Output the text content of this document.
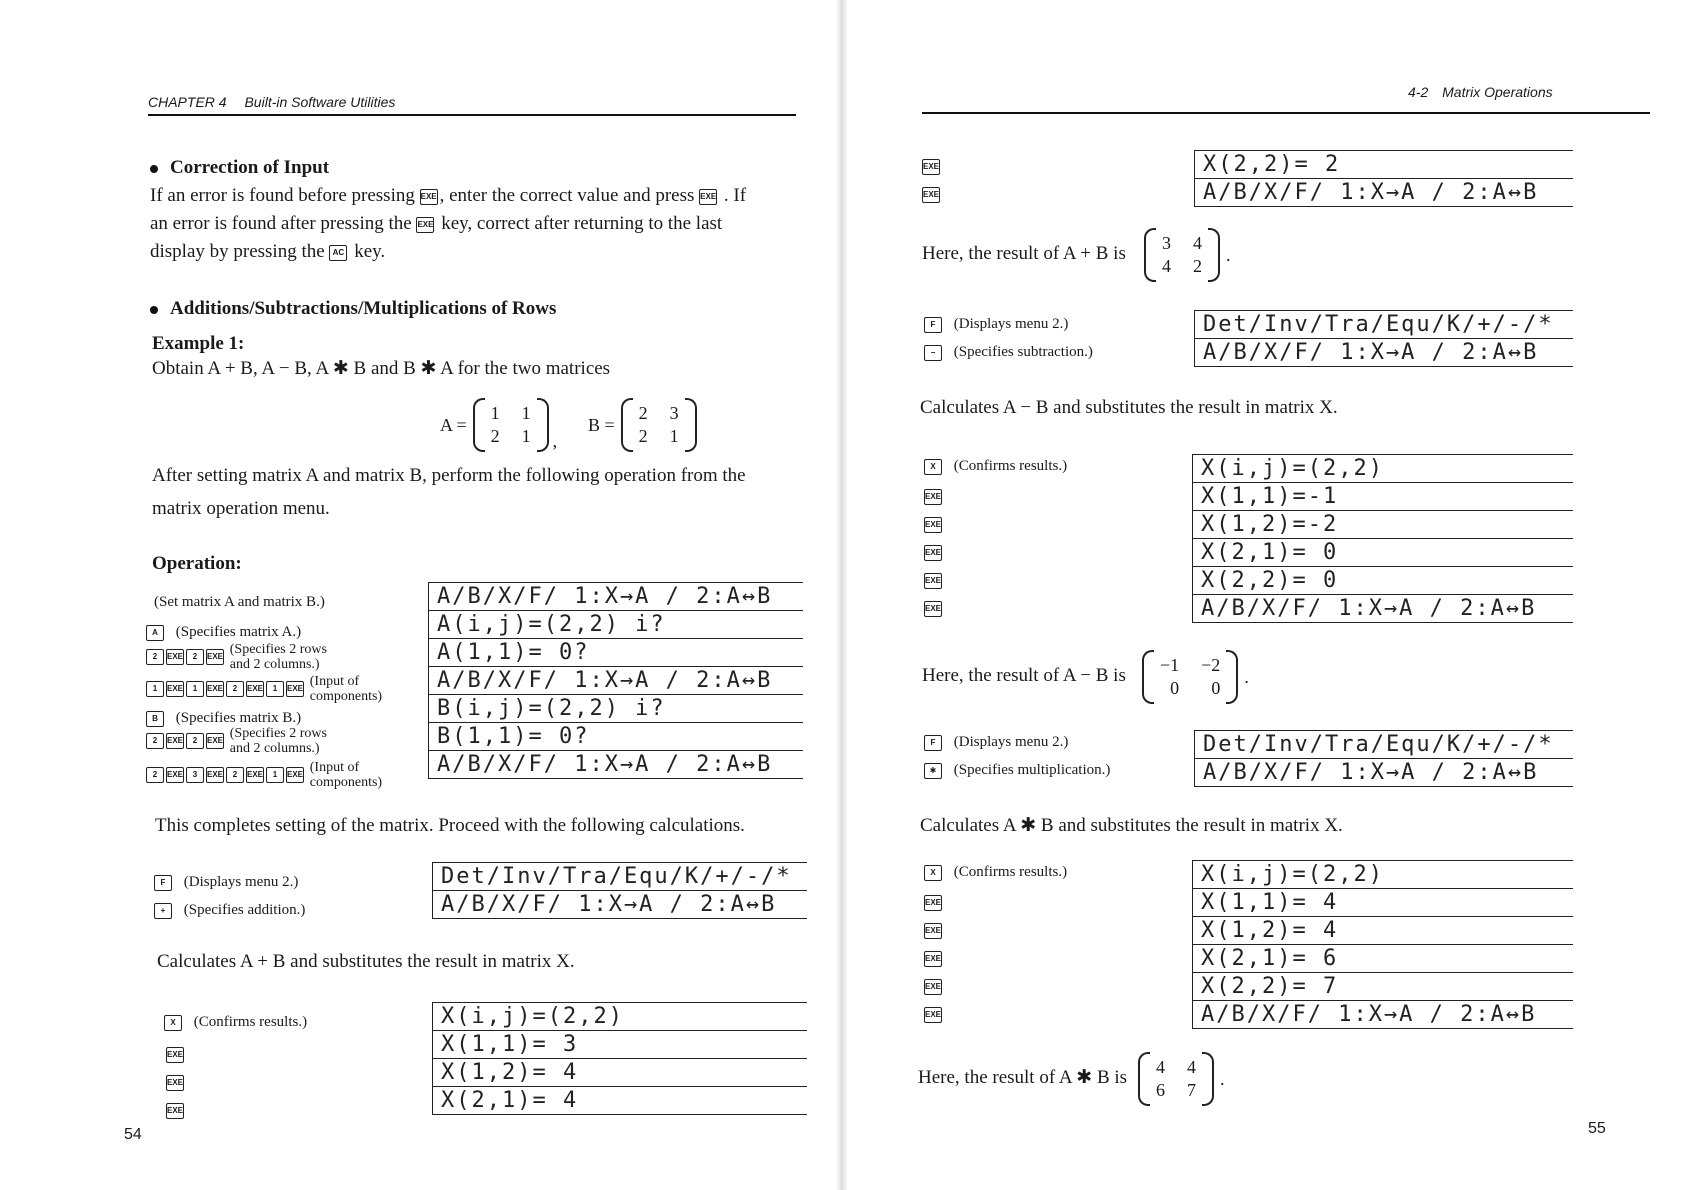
CHAPTER 4 Built-in Software Utilities
Correction of Input
If an error is found before pressing EXE , enter the correct value and press EXE . If
an error is found after pressing the EXE key, correct after returning to the last
display by pressing the AC key.
Additions/Subtractions/Multiplications of Rows
Example 1:
Obtain A + B, A − B, A ✱ B and B ✱ A for the two matrices
A =
1 1
2 1 ,
B =
2 3
2 1
After setting matrix A and matrix B, perform the following operation from the
matrix operation menu.
Operation:
(Set matrix A and matrix B.)
A (Specifies matrix A.)
2 EXE 2 EXE (Specifies 2 rows and 2 columns.)
1 EXE 1 EXE 2 EXE 1 EXE (Input of components)
B (Specifies matrix B.)
2 EXE 2 EXE (Specifies 2 rows and 2 columns.)
2 EXE 3 EXE 2 EXE 1 EXE (Input of components)
A/B/X/F/ 1:X→A / 2:A↔B
A(i,j)=(2,2) i?
A(1,1)= 0?
A/B/X/F/ 1:X→A / 2:A↔B
B(i,j)=(2,2) i?
B(1,1)= 0?
A/B/X/F/ 1:X→A / 2:A↔B
This completes setting of the matrix. Proceed with the following calculations.
F (Displays menu 2.)
+ (Specifies addition.)
Det/Inv/Tra/Equ/K/+/-/*
A/B/X/F/ 1:X→A / 2:A↔B
Calculates A + B and substitutes the result in matrix X.
X (Confirms results.)
EXE
EXE
EXE
X(i,j)=(2,2)
X(1,1)= 3
X(1,2)= 4
X(2,1)= 4
54
4-2 Matrix Operations
EXE
EXE
X(2,2)= 2
A/B/X/F/ 1:X→A / 2:A↔B
Here, the result of A + B is 3 4
4 2
.
F (Displays menu 2.)
− (Specifies subtraction.)
Det/Inv/Tra/Equ/K/+/-/*
A/B/X/F/ 1:X→A / 2:A↔B
Calculates A − B and substitutes the result in matrix X.
X (Confirms results.)
EXE
EXE
EXE
EXE
EXE
X(i,j)=(2,2)
X(1,1)=-1
X(1,2)=-2
X(2,1)= 0
X(2,2)= 0
A/B/X/F/ 1:X→A / 2:A↔B
Here, the result of A − B is −1 −2
0	0
.
F (Displays menu 2.)
✱ (Specifies multiplication.)
Det/Inv/Tra/Equ/K/+/-/*
A/B/X/F/ 1:X→A / 2:A↔B
Calculates A ✱ B and substitutes the result in matrix X.
X (Confirms results.)
EXE
EXE
EXE
EXE
EXE
X(i,j)=(2,2)
X(1,1)= 4
X(1,2)= 4
X(2,1)= 6
X(2,2)= 7
A/B/X/F/ 1:X→A / 2:A↔B
Here, the result of A ✱ B is 4 4
6 7
.
55
